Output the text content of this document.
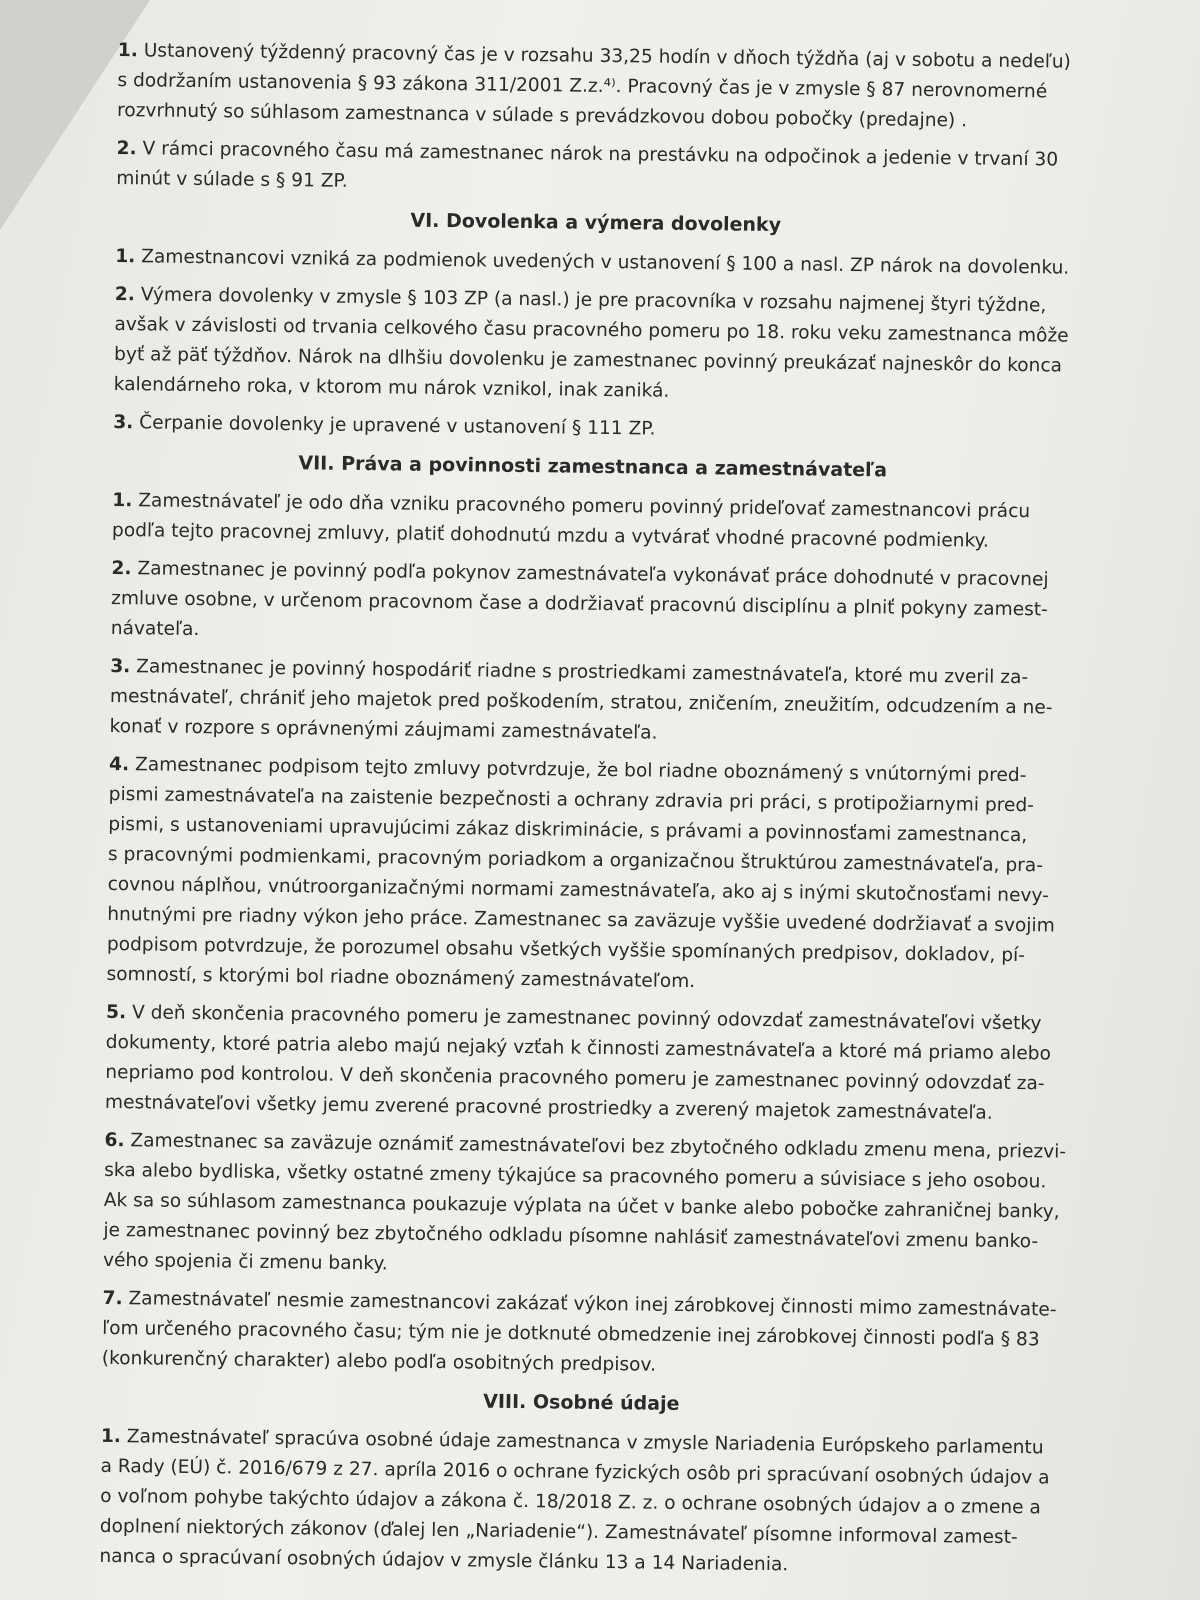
1. Ustanovený týždenný pracovný čas je v rozsahu 33,25 hodín v dňoch týždňa (aj v sobotu a nedeľu)
s dodržaním ustanovenia § 93 zákona 311/2001 Z.z.⁴⁾. Pracovný čas je v zmysle § 87 nerovnomerné
rozvrhnutý so súhlasom zamestnanca v súlade s prevádzkovou dobou pobočky (predajne) .
2. V rámci pracovného času má zamestnanec nárok na prestávku na odpočinok a jedenie v trvaní 30
minút v súlade s § 91 ZP.
VI. Dovolenka a výmera dovolenky
1. Zamestnancovi vzniká za podmienok uvedených v ustanovení § 100 a nasl. ZP nárok na dovolenku.
2. Výmera dovolenky v zmysle § 103 ZP (a nasl.) je pre pracovníka v rozsahu najmenej štyri týždne,
avšak v závislosti od trvania celkového času pracovného pomeru po 18. roku veku zamestnanca môže
byť až päť týždňov. Nárok na dlhšiu dovolenku je zamestnanec povinný preukázať najneskôr do konca
kalendárneho roka, v ktorom mu nárok vznikol, inak zaniká.
3. Čerpanie dovolenky je upravené v ustanovení § 111 ZP.
VII. Práva a povinnosti zamestnanca a zamestnávateľa
1. Zamestnávateľ je odo dňa vzniku pracovného pomeru povinný prideľovať zamestnancovi prácu
podľa tejto pracovnej zmluvy, platiť dohodnutú mzdu a vytvárať vhodné pracovné podmienky.
2. Zamestnanec je povinný podľa pokynov zamestnávateľa vykonávať práce dohodnuté v pracovnej
zmluve osobne, v určenom pracovnom čase a dodržiavať pracovnú disciplínu a plniť pokyny zamest-
návateľa.
3. Zamestnanec je povinný hospodáriť riadne s prostriedkami zamestnávateľa, ktoré mu zveril za-
mestnávateľ, chrániť jeho majetok pred poškodením, stratou, zničením, zneužitím, odcudzením a ne-
konať v rozpore s oprávnenými záujmami zamestnávateľa.
4. Zamestnanec podpisom tejto zmluvy potvrdzuje, že bol riadne oboznámený s vnútornými pred-
pismi zamestnávateľa na zaistenie bezpečnosti a ochrany zdravia pri práci, s protipožiarnymi pred-
pismi, s ustanoveniami upravujúcimi zákaz diskriminácie, s právami a povinnosťami zamestnanca,
s pracovnými podmienkami, pracovným poriadkom a organizačnou štruktúrou zamestnávateľa, pra-
covnou náplňou, vnútroorganizačnými normami zamestnávateľa, ako aj s inými skutočnosťami nevy-
hnutnými pre riadny výkon jeho práce. Zamestnanec sa zaväzuje vyššie uvedené dodržiavať a svojim
podpisom potvrdzuje, že porozumel obsahu všetkých vyššie spomínaných predpisov, dokladov, pí-
somností, s ktorými bol riadne oboznámený zamestnávateľom.
5. V deň skončenia pracovného pomeru je zamestnanec povinný odovzdať zamestnávateľovi všetky
dokumenty, ktoré patria alebo majú nejaký vzťah k činnosti zamestnávateľa a ktoré má priamo alebo
nepriamo pod kontrolou. V deň skončenia pracovného pomeru je zamestnanec povinný odovzdať za-
mestnávateľovi všetky jemu zverené pracovné prostriedky a zverený majetok zamestnávateľa.
6. Zamestnanec sa zaväzuje oznámiť zamestnávateľovi bez zbytočného odkladu zmenu mena, priezvi-
ska alebo bydliska, všetky ostatné zmeny týkajúce sa pracovného pomeru a súvisiace s jeho osobou.
Ak sa so súhlasom zamestnanca poukazuje výplata na účet v banke alebo pobočke zahraničnej banky,
je zamestnanec povinný bez zbytočného odkladu písomne nahlásiť zamestnávateľovi zmenu banko-
vého spojenia či zmenu banky.
7. Zamestnávateľ nesmie zamestnancovi zakázať výkon inej zárobkovej činnosti mimo zamestnávate-
ľom určeného pracovného času; tým nie je dotknuté obmedzenie inej zárobkovej činnosti podľa § 83
(konkurenčný charakter) alebo podľa osobitných predpisov.
VIII. Osobné údaje
1. Zamestnávateľ spracúva osobné údaje zamestnanca v zmysle Nariadenia Európskeho parlamentu
a Rady (EÚ) č. 2016/679 z 27. apríla 2016 o ochrane fyzických osôb pri spracúvaní osobných údajov a
o voľnom pohybe takýchto údajov a zákona č. 18/2018 Z. z. o ochrane osobných údajov a o zmene a
doplnení niektorých zákonov (ďalej len „Nariadenie“). Zamestnávateľ písomne informoval zamest-
nanca o spracúvaní osobných údajov v zmysle článku 13 a 14 Nariadenia.
